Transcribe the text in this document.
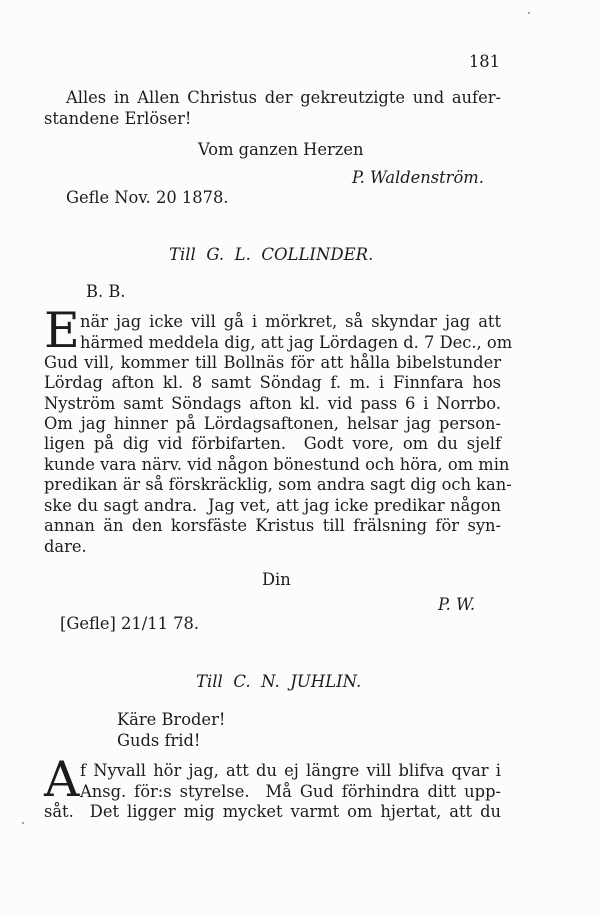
181
Alles in Allen Christus der gekreutzigte und aufer-
standene Erlöser!
Vom ganzen Herzen
P. Waldenström.
Gefle Nov. 20 1878.
Till  G.  L.  COLLINDER.
B. B.
E när jag icke vill gå i mörkret, så skyndar jag att
härmed meddela dig, att jag Lördagen d. 7 Dec., om
Gud vill, kommer till Bollnäs för att hålla bibelstunder
Lördag afton kl. 8 samt Söndag f. m. i Finnfara hos
Nyström samt Söndags afton kl. vid pass 6 i Norrbo.
Om jag hinner på Lördagsaftonen, helsar jag person-
ligen på dig vid förbifarten.  Godt vore, om du sjelf
kunde vara närv. vid någon bönestund och höra, om min
predikan är så förskräcklig, som andra sagt dig och kan-
ske du sagt andra.  Jag vet, att jag icke predikar någon
annan än den korsfäste Kristus till frälsning för syn-
dare.
Din
P. W.
[Gefle] 21/11 78.
Till  C.  N.  JUHLIN.
Käre Broder!
Guds frid!
A f Nyvall hör jag, att du ej längre vill blifva qvar i
Ansg. för:s styrelse.  Må Gud förhindra ditt upp-
såt.  Det ligger mig mycket varmt om hjertat, att du
